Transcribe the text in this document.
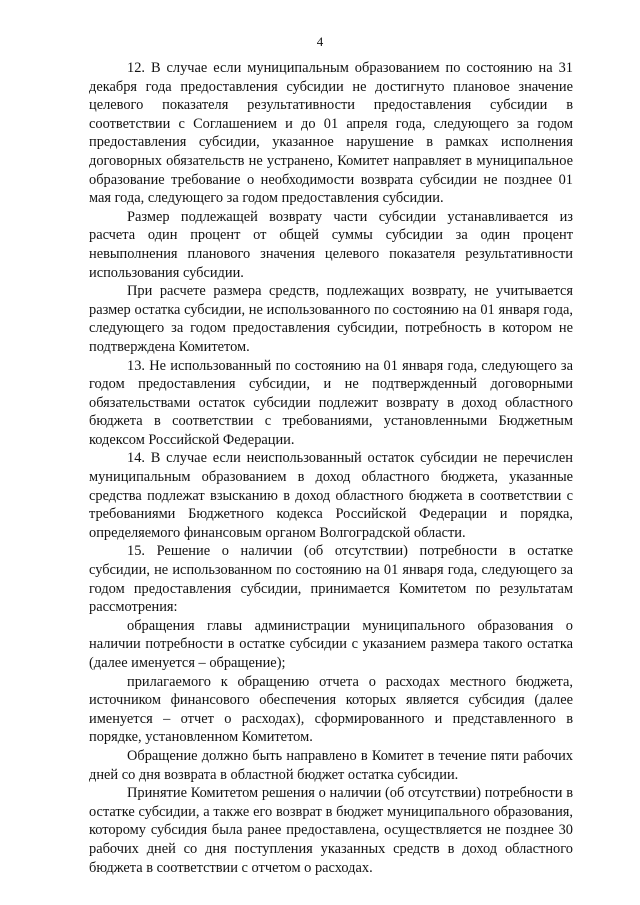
4

12. В случае если муниципальным образованием по состоянию на 31 декабря года предоставления субсидии не достигнуто плановое значение целевого показателя результативности предоставления субсидии в соответствии с Соглашением и до 01 апреля года, следующего за годом предоставления субсидии, указанное нарушение в рамках исполнения договорных обязательств не устранено, Комитет направляет в муниципальное образование требование о необходимости возврата субсидии не позднее 01 мая года, следующего за годом предоставления субсидии.

Размер подлежащей возврату части субсидии устанавливается из расчета один процент от общей суммы субсидии за один процент невыполнения планового значения целевого показателя результативности использования субсидии.

При расчете размера средств, подлежащих возврату, не учитывается размер остатка субсидии, не использованного по состоянию на 01 января года, следующего за годом предоставления субсидии, потребность в котором не подтверждена Комитетом.

13. Не использованный по состоянию на 01 января года, следующего за годом предоставления субсидии, и не подтвержденный договорными обязательствами остаток субсидии подлежит возврату в доход областного бюджета в соответствии с требованиями, установленными Бюджетным кодексом Российской Федерации.

14. В случае если неиспользованный остаток субсидии не перечислен муниципальным образованием в доход областного бюджета, указанные средства подлежат взысканию в доход областного бюджета в соответствии с требованиями Бюджетного кодекса Российской Федерации и порядка, определяемого финансовым органом Волгоградской области.

15. Решение о наличии (об отсутствии) потребности в остатке субсидии, не использованном по состоянию на 01 января года, следующего за годом предоставления субсидии, принимается Комитетом по результатам рассмотрения:

обращения главы администрации муниципального образования о наличии потребности в остатке субсидии с указанием размера такого остатка (далее именуется – обращение);

прилагаемого к обращению отчета о расходах местного бюджета, источником финансового обеспечения которых является субсидия (далее именуется – отчет о расходах), сформированного и представленного в порядке, установленном Комитетом.

Обращение должно быть направлено в Комитет в течение пяти рабочих дней со дня возврата в областной бюджет остатка субсидии.

Принятие Комитетом решения о наличии (об отсутствии) потребности в остатке субсидии, а также его возврат в бюджет муниципального образования, которому субсидия была ранее предоставлена, осуществляется не позднее 30 рабочих дней со дня поступления указанных средств в доход областного бюджета в соответствии с отчетом о расходах.
